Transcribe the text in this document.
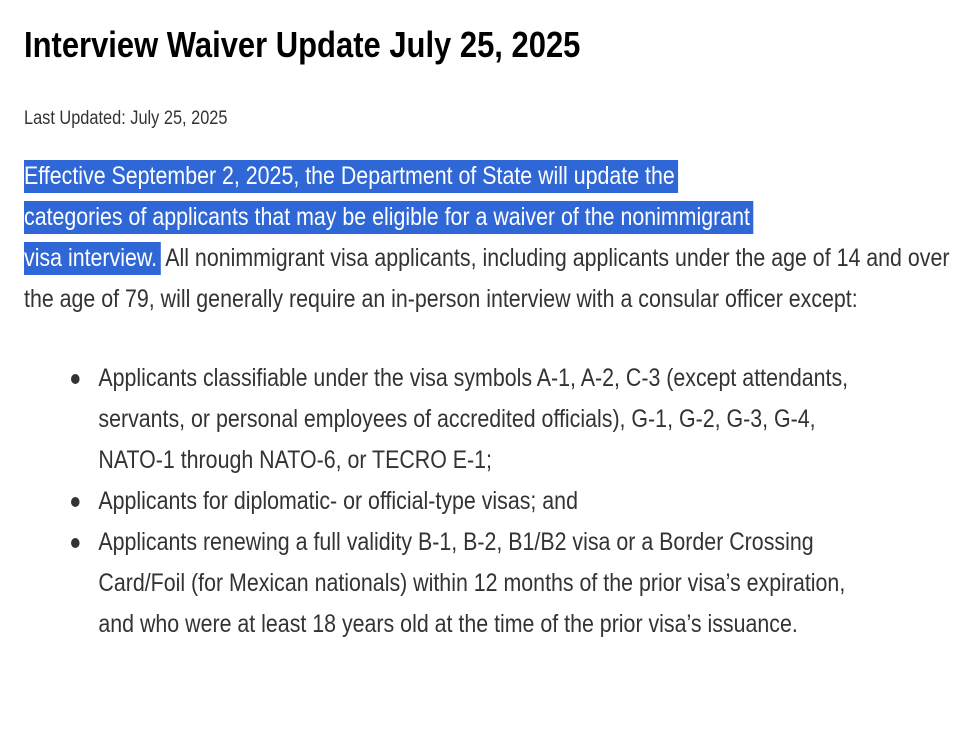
Interview Waiver Update July 25, 2025

Last Updated: July 25, 2025

Effective September 2, 2025, the Department of State will update the
categories of applicants that may be eligible for a waiver of the nonimmigrant
visa interview. All nonimmigrant visa applicants, including applicants under the age of 14 and over the age of 79, will generally require an in-person interview with a consular officer except:

Applicants classifiable under the visa symbols A-1, A-2, C-3 (except attendants, servants, or personal employees of accredited officials), G-1, G-2, G-3, G-4, NATO-1 through NATO-6, or TECRO E-1;
Applicants for diplomatic- or official-type visas; and
Applicants renewing a full validity B-1, B-2, B1/B2 visa or a Border Crossing Card/Foil (for Mexican nationals) within 12 months of the prior visa’s expiration, and who were at least 18 years old at the time of the prior visa’s issuance.
